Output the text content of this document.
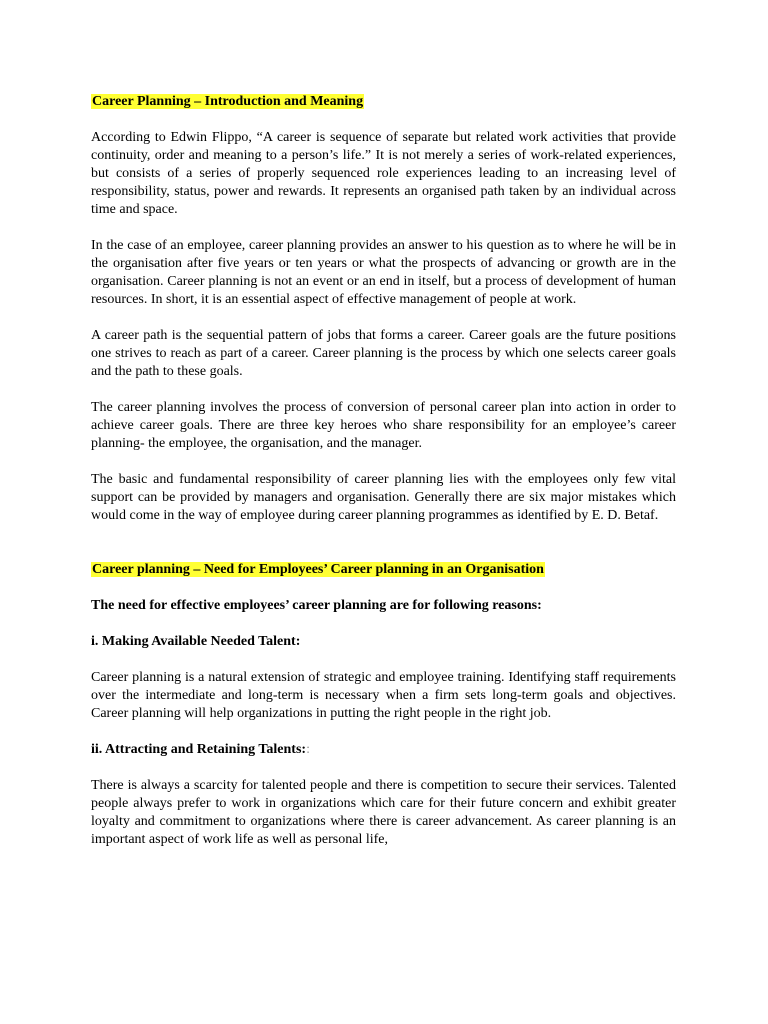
Career Planning – Introduction and Meaning

According to Edwin Flippo, “A career is sequence of separate but related work activities that provide continuity, order and meaning to a person’s life.” It is not merely a series of work-related experiences, but consists of a series of properly sequenced role experiences leading to an increasing level of responsibility, status, power and rewards. It represents an organised path taken by an individual across time and space.

In the case of an employee, career planning provides an answer to his question as to where he will be in the organisation after five years or ten years or what the prospects of advancing or growth are in the organisation. Career planning is not an event or an end in itself, but a process of development of human resources. In short, it is an essential aspect of effective management of people at work.

A career path is the sequential pattern of jobs that forms a career. Career goals are the future positions one strives to reach as part of a career. Career planning is the process by which one selects career goals and the path to these goals.

The career planning involves the process of conversion of personal career plan into action in order to achieve career goals. There are three key heroes who share responsibility for an employee’s career planning- the employee, the organisation, and the manager.

The basic and fundamental responsibility of career planning lies with the employees only few vital support can be provided by managers and organisation. Generally there are six major mistakes which would come in the way of employee during career planning programmes as identified by E. D. Betaf.

Career planning – Need for Employees’ Career planning in an Organisation

The need for effective employees’ career planning are for following reasons:

i. Making Available Needed Talent:

Career planning is a natural extension of strategic and employee training. Identifying staff requirements over the intermediate and long-term is necessary when a firm sets long-term goals and objectives. Career planning will help organizations in putting the right people in the right job.

ii. Attracting and Retaining Talents::

There is always a scarcity for talented people and there is competition to secure their services. Talented people always prefer to work in organizations which care for their future concern and exhibit greater loyalty and commitment to organizations where there is career advancement. As career planning is an important aspect of work life as well as personal life,
